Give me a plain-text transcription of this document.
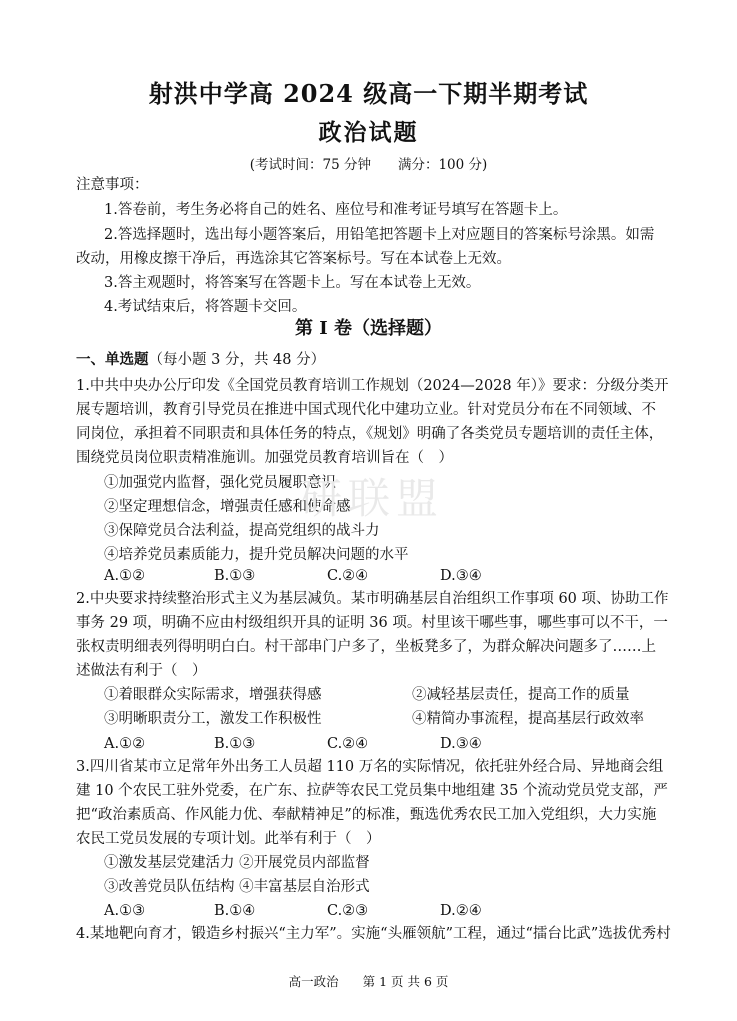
射洪中学高 2024 级高一下期半期考试
政治试题
(考试时间：75 分钟　　满分：100 分)
注意事项：
1.答卷前，考生务必将自己的姓名、座位号和准考证号填写在答题卡上。
2.答选择题时，选出每小题答案后，用铅笔把答题卡上对应题目的答案标号涂黑。如需
改动，用橡皮擦干净后，再选涂其它答案标号。写在本试卷上无效。
3.答主观题时，将答案写在答题卡上。写在本试卷上无效。
4.考试结束后，将答题卡交回。
第 I 卷（选择题）
一、单选题（每小题 3 分，共 48 分）
1.中共中央办公厅印发《全国党员教育培训工作规划（2024—2028 年）》要求：分级分类开
展专题培训，教育引导党员在推进中国式现代化中建功立业。针对党员分布在不同领域、不
同岗位，承担着不同职责和具体任务的特点，《规划》明确了各类党员专题培训的责任主体，
围绕党员岗位职责精准施训。加强党员教育培训旨在（　）
①加强党内监督，强化党员履职意识
②坚定理想信念，增强责任感和使命感
③保障党员合法利益，提高党组织的战斗力
④培养党员素质能力，提升党员解决问题的水平
A.①②	B.①③	C.②④	D.③④
2.中央要求持续整治形式主义为基层减负。某市明确基层自治组织工作事项 60 项、协助工作
事务 29 项，明确不应由村级组织开具的证明 36 项。村里该干哪些事，哪些事可以不干，一
张权责明细表列得明明白白。村干部串门户多了，坐板凳多了，为群众解决问题多了……上
述做法有利于（　）
①着眼群众实际需求，增强获得感	②减轻基层责任，提高工作的质量
③明晰职责分工，激发工作积极性	④精简办事流程，提高基层行政效率
A.①②	B.①③	C.②④	D.③④
3.四川省某市立足常年外出务工人员超 110 万名的实际情况，依托驻外经合局、异地商会组
建 10 个农民工驻外党委，在广东、拉萨等农民工党员集中地组建 35 个流动党员党支部，严
把“政治素质高、作风能力优、奉献精神足”的标准，甄选优秀农民工加入党组织，大力实施
农民工党员发展的专项计划。此举有利于（　）
①激发基层党建活力 ②开展党员内部监督
③改善党员队伍结构 ④丰富基层自治形式
A.①③	B.①④	C.②③	D.②④
4.某地靶向育才，锻造乡村振兴“主力军”。实施“头雁领航”工程，通过“擂台比武”选拔优秀村
研联盟
高一政治 第 1 页 共 6 页
